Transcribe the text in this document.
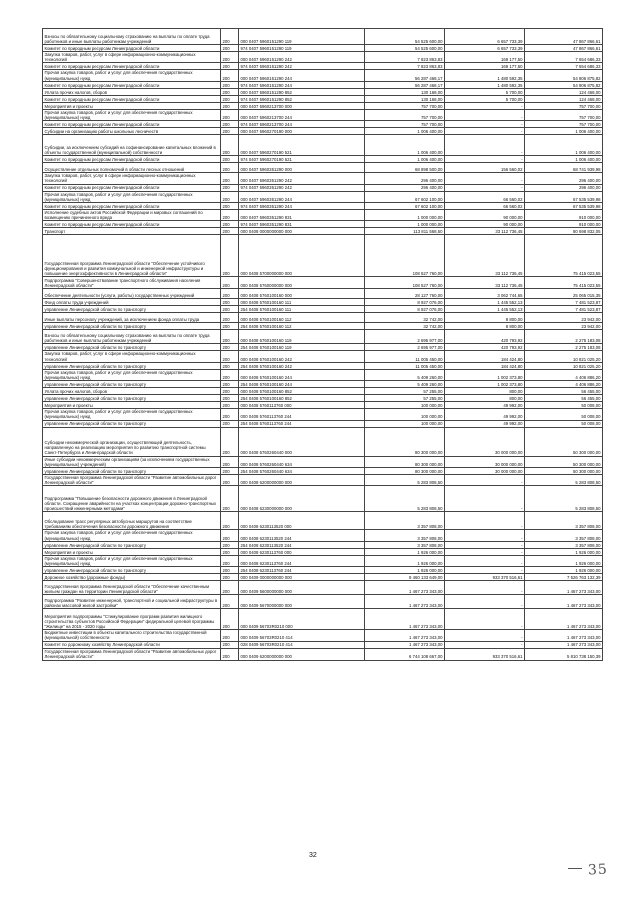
Взносы по обязательному социальному страхованию на выплаты по оплате труда работников и иные выплаты работникам учреждений	200	000 0407 5960151290 119	54 525 600,00	6 657 733,39	47 867 866,61
Комитет по природным ресурсам Ленинградской области	200	974 0407 5960151290 119	54 525 600,00	6 657 733,39	47 867 866,61
Закупка товаров, работ, услуг в сфере информационно-коммуникационных технологий	200	000 0407 5960151290 242	7 823 863,83	169 177,50	7 654 686,33
Комитет по природным ресурсам Ленинградской области	200	974 0407 5960151290 242	7 823 863,83	169 177,50	7 654 686,33
Прочая закупка товаров, работ и услуг для обеспечения государственных (муниципальных) нужд	200	000 0407 5960151290 244	56 287 468,17	1 480 592,35	54 806 875,82
Комитет по природным ресурсам Ленинградской области	200	974 0407 5960151290 244	56 287 468,17	1 480 592,35	54 806 875,82
Уплата прочих налогов, сборов	200	000 0407 5960151290 852	130 168,00	5 700,00	124 468,00
Комитет по природным ресурсам Ленинградской области	200	974 0407 5960151290 852	130 168,00	5 700,00	124 468,00
Мероприятия и проекты	200	000 0407 5960213700 000	757 700,00	-	757 700,00
Прочая закупка товаров, работ и услуг для обеспечения государственных (муниципальных) нужд	200	000 0407 5960213700 244	757 700,00	-	757 700,00
Комитет по природным ресурсам Ленинградской области	200	974 0407 5960213700 244	757 700,00	-	757 700,00
Субсидии на организацию работы школьных лесничеств	200	000 0407 5960270190 000	1 006 400,00	-	1 006 400,00
Субсидии, за исключением субсидий на софинансирование капитальных вложений в объекты государственной (муниципальной) собственности	200	000 0407 5960270190 521	1 006 400,00	-	1 006 400,00
Комитет по природным ресурсам Ленинградской области	200	974 0407 5960270190 521	1 006 400,00	-	1 006 400,00
Осуществление отдельных полномочий в области лесных отношений	200	000 0407 5960351290 000	68 898 500,00	156 560,02	68 741 939,98
Закупка товаров, работ, услуг в сфере информационно-коммуникационных технологий	200	000 0407 5960351290 242	296 400,00	-	296 400,00
Комитет по природным ресурсам Ленинградской области	200	974 0407 5960351290 242	296 400,00	-	296 400,00
Прочая закупка товаров, работ и услуг для обеспечения государственных (муниципальных) нужд	200	000 0407 5960351290 244	67 602 100,00	66 560,02	67 535 539,98
Комитет по природным ресурсам Ленинградской области	200	974 0407 5960351290 244	67 602 100,00	66 560,02	67 535 539,98
Исполнение судебных актов Российской Федерации и мировых соглашений по возмещению причиненного вреда	200	000 0407 5960351290 831	1 000 000,00	90 000,00	910 000,00
Комитет по природным ресурсам Ленинградской области	200	974 0407 5960351290 831	1 000 000,00	90 000,00	910 000,00
Транспорт	200	000 0408 0000000000 000	113 811 568,50	33 112 736,45	80 698 832,05
Государственная программа Ленинградской области "Обеспечение устойчивого функционирования и развития коммунальной и инженерной инфраструктуры и повышение энергоэффективности в Ленинградской области"	200	000 0408 5700000000 000	108 527 760,00	33 112 736,45	75 415 023,55
Подпрограмма "Совершенствование транспортного обслуживания населения Ленинградской области"	200	000 0408 5760000000 000	108 527 760,00	33 112 736,45	75 415 023,55
Обеспечение деятельности (услуги, работы) государственных учреждений	200	000 0408 5760100160 000	28 127 760,00	3 062 744,65	25 065 015,35
Фонд оплаты труда учреждений	200	000 0408 5760100160 111	8 927 076,00	1 445 552,13	7 481 523,87
управление Ленинградской области по транспорту	200	254 0408 5760100160 111	8 927 076,00	1 445 552,13	7 481 523,87
Иные выплаты персоналу учреждений, за исключением фонда оплаты труда	200	000 0408 5760100160 112	32 742,00	8 800,00	23 942,00
управление Ленинградской области по транспорту	200	254 0408 5760100160 112	32 742,00	8 800,00	23 942,00
Взносы по обязательному социальному страхованию на выплаты по оплате труда работников и иные выплаты работникам учреждений	200	000 0408 5760100160 119	2 695 977,00	420 793,92	2 275 183,08
управление Ленинградской области по транспорту	200	254 0408 5760100160 119	2 695 977,00	420 793,92	2 275 183,08
Закупка товаров, работ, услуг в сфере информационно-коммуникационных технологий	200	000 0408 5760100160 242	11 005 450,00	184 424,80	10 821 025,20
управление Ленинградской области по транспорту	200	254 0408 5760100160 242	11 005 450,00	184 424,80	10 821 025,20
Прочая закупка товаров, работ и услуг для обеспечения государственных (муниципальных) нужд	200	000 0408 5760100160 244	5 409 260,00	1 002 373,80	4 406 886,20
управление Ленинградской области по транспорту	200	254 0408 5760100160 244	5 409 260,00	1 002 373,80	4 406 886,20
Уплата прочих налогов, сборов	200	000 0408 5760100160 852	57 255,00	800,00	56 455,00
управление Ленинградской области по транспорту	200	254 0408 5760100160 852	57 255,00	800,00	56 455,00
Мероприятия и проекты	200	000 0408 5760113760 000	100 000,00	49 992,00	50 008,00
Прочая закупка товаров, работ и услуг для обеспечения государственных (муниципальных) нужд	200	000 0408 5760113760 244	100 000,00	49 992,00	50 008,00
управление Ленинградской области по транспорту	200	254 0408 5760113760 244	100 000,00	49 992,00	50 008,00
Субсидии некоммерческой организации, осуществляющей деятельность, направленную на реализацию мероприятия по развитию транспортной системы Санкт-Петербурга и Ленинградской области	200	000 0408 5760260440 000	80 300 000,00	30 000 000,00	50 300 000,00
Иные субсидии некоммерческим организациям (за исключением государственных (муниципальных) учреждений)	200	000 0408 5760260440 634	80 300 000,00	30 000 000,00	50 300 000,00
управление Ленинградской области по транспорту	200	254 0408 5760260440 634	80 300 000,00	30 000 000,00	50 300 000,00
Государственная программа Ленинградской области "Развитие автомобильных дорог Ленинградской области"	200	000 0408 6200000000 000	5 283 808,50	-	5 283 808,50
Подпрограмма "Повышение безопасности дорожного движения в Ленинградской области. Сокращение аварийности на участках концентрации дорожно-транспортных происшествий инженерными методами"	200	000 0408 6230000000 000	5 283 808,50	-	5 283 808,50
Обследование трасс регулярных автобусных маршрутов на соответствие требованиям обеспечения безопасности дорожного движения	200	000 0408 6230113520 000	3 357 808,00	-	3 357 808,00
Прочая закупка товаров, работ и услуг для обеспечения государственных (муниципальных) нужд	200	000 0408 6230113520 244	3 357 808,00	-	3 357 808,00
управление Ленинградской области по транспорту	200	254 0408 6230113520 244	3 357 808,00	-	3 357 808,00
Мероприятия и проекты	200	000 0408 6230113760 000	1 926 000,00	-	1 926 000,00
Прочая закупка товаров, работ и услуг для обеспечения государственных (муниципальных) нужд	200	000 0408 6230113760 244	1 926 000,00	-	1 926 000,00
управление Ленинградской области по транспорту	200	254 0408 6230113760 244	1 926 000,00	-	1 926 000,00
Дорожное хозяйство (дорожные фонды)	200	000 0409 0000000000 000	8 460 133 649,00	933 370 516,61	7 526 763 132,39
Государственная программа Ленинградской области "Обеспечение качественным жильем граждан на территории Ленинградской области"	200	000 0409 5600000000 000	1 467 273 343,00	-	1 467 273 343,00
Подпрограмма "Развитие инженерной, транспортной и социальной инфраструктуры в районах массовой жилой застройки"	200	000 0409 5670000000 000	1 467 273 343,00	-	1 467 273 343,00
Мероприятия подпрограммы "Стимулирование программ развития жилищного строительства субъектов Российской Федерации" федеральной целевой программы "Жилище" на 2015 - 2020 годы	200	000 0409 56703R0210 000	1 467 273 343,00	-	1 467 273 343,00
Бюджетные инвестиции в объекты капитального строительства государственной (муниципальной) собственности	200	000 0409 56703R0210 414	1 467 273 343,00	-	1 467 273 343,00
Комитет по дорожному хозяйству Ленинградской области	200	028 0409 56703R0210 414	1 467 273 343,00	-	1 467 273 343,00
Государственная программа Ленинградской области "Развитие автомобильных дорог Ленинградской области"	200	000 0409 6200000000 000	6 744 108 667,00	933 370 516,61	5 810 738 150,39
32
35
